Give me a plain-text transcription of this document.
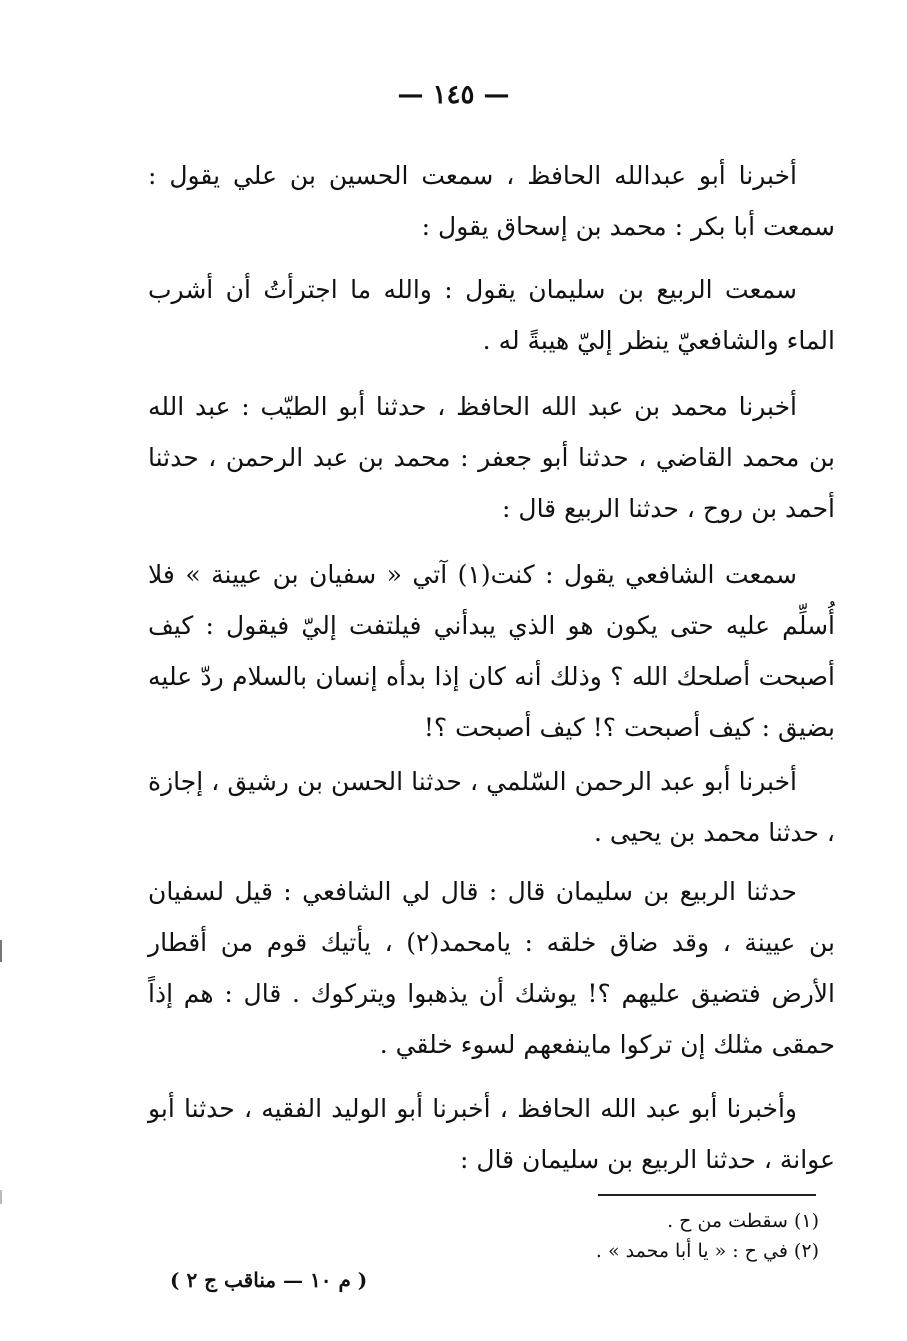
— ١٤٥ —

أخبرنا أبو عبدالله الحافظ ، سمعت الحسين بن علي يقول : سمعت أبا بكر : محمد بن إسحاق يقول :

سمعت الربيع بن سليمان يقول : والله ما اجترأتُ أن أشرب الماء والشافعيّ ينظر إليّ هيبةً له .

أخبرنا محمد بن عبد الله الحافظ ، حدثنا أبو الطيّب : عبد الله بن محمد القاضي ، حدثنا أبو جعفر : محمد بن عبد الرحمن ، حدثنا أحمد بن روح ، حدثنا الربيع قال :

سمعت الشافعي يقول : كنت(١) آتي « سفيان بن عيينة » فلا أُسلِّم عليه حتى يكون هو الذي يبدأني فيلتفت إليّ فيقول : كيف أصبحت أصلحك الله ؟ وذلك أنه كان إذا بدأه إنسان بالسلام ردّ عليه بضيق : كيف أصبحت ؟! كيف أصبحت ؟!

أخبرنا أبو عبد الرحمن السّلمي ، حدثنا الحسن بن رشيق ، إجازة ، حدثنا محمد بن يحيى .

حدثنا الربيع بن سليمان قال : قال لي الشافعي : قيل لسفيان بن عيينة ، وقد ضاق خلقه : يامحمد(٢) ، يأتيك قوم من أقطار الأرض فتضيق عليهم ؟! يوشك أن يذهبوا ويتركوك . قال : هم إذاً حمقى مثلك إن تركوا ماينفعهم لسوء خلقي .

وأخبرنا أبو عبد الله الحافظ ، أخبرنا أبو الوليد الفقيه ، حدثنا أبو عوانة ، حدثنا الربيع بن سليمان قال :

(١) سقطت من ح .
(٢) في ح : « يا أبا محمد » .
( م ١٠ — مناقب ج ٢ )
